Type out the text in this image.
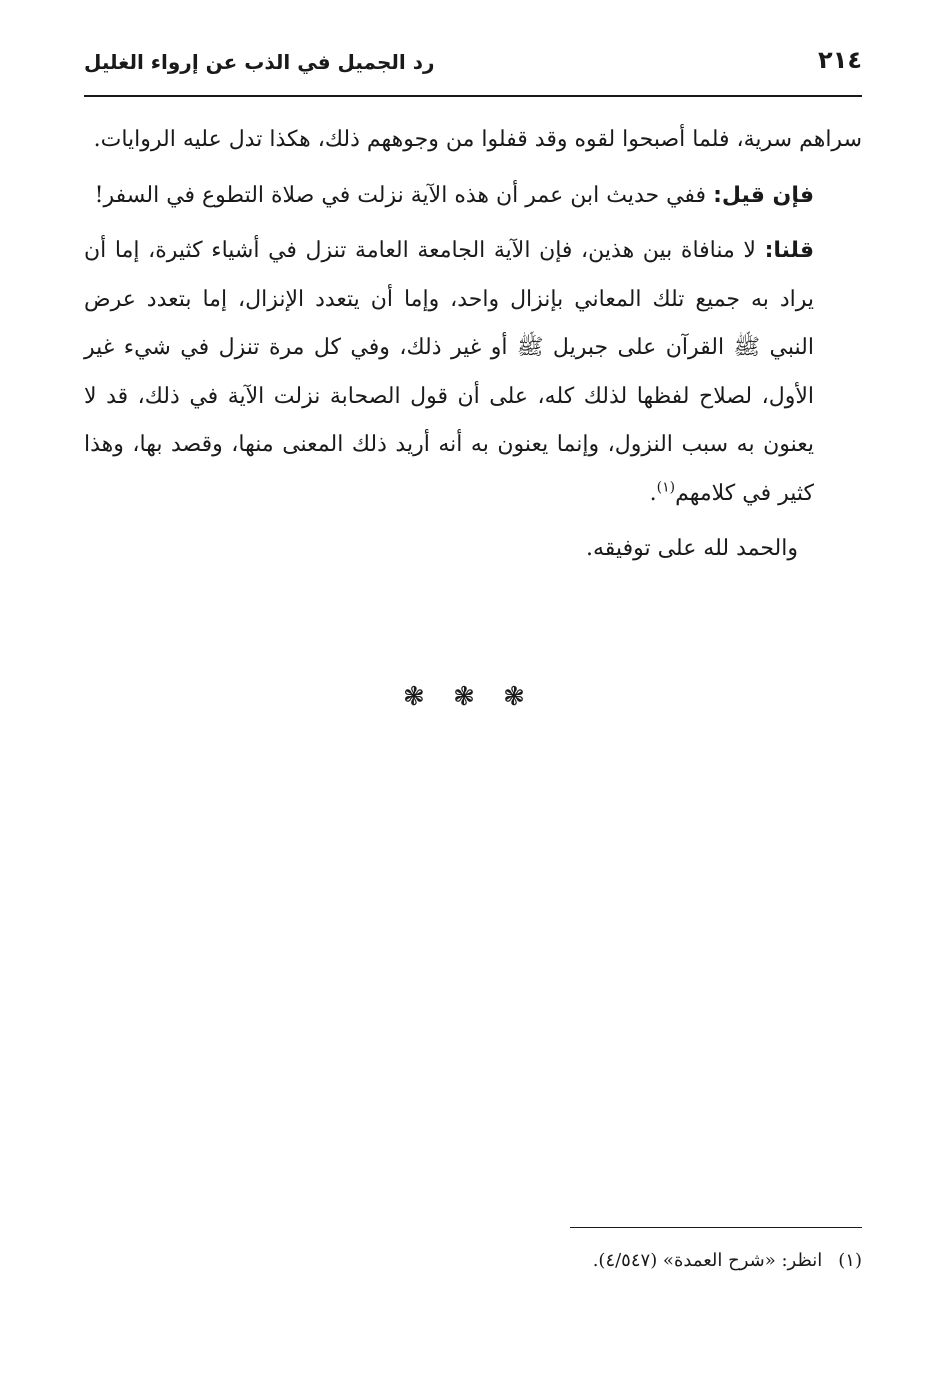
٢١٤
رد الجميل في الذب عن إرواء الغليل

سراهم سرية، فلما أصبحوا لقوه وقد قفلوا من وجوههم ذلك، هكذا تدل عليه الروايات.

فإن قيل: ففي حديث ابن عمر أن هذه الآية نزلت في صلاة التطوع في السفر!

قلنا: لا منافاة بين هذين، فإن الآية الجامعة العامة تنزل في أشياء كثيرة، إما أن يراد به جميع تلك المعاني بإنزال واحد، وإما أن يتعدد الإنزال، إما بتعدد عرض النبي ﷺ القرآن على جبريل ﷺ أو غير ذلك، وفي كل مرة تنزل في شيء غير الأول، لصلاح لفظها لذلك كله، على أن قول الصحابة نزلت الآية في ذلك، قد لا يعنون به سبب النزول، وإنما يعنون به أنه أريد ذلك المعنى منها، وقصد بها، وهذا كثير في كلامهم$^{(١)}$.

والحمد لله على توفيقه.

❃ ❃ ❃
(١)انظر: «شرح العمدة» (٤/٥٤٧).
